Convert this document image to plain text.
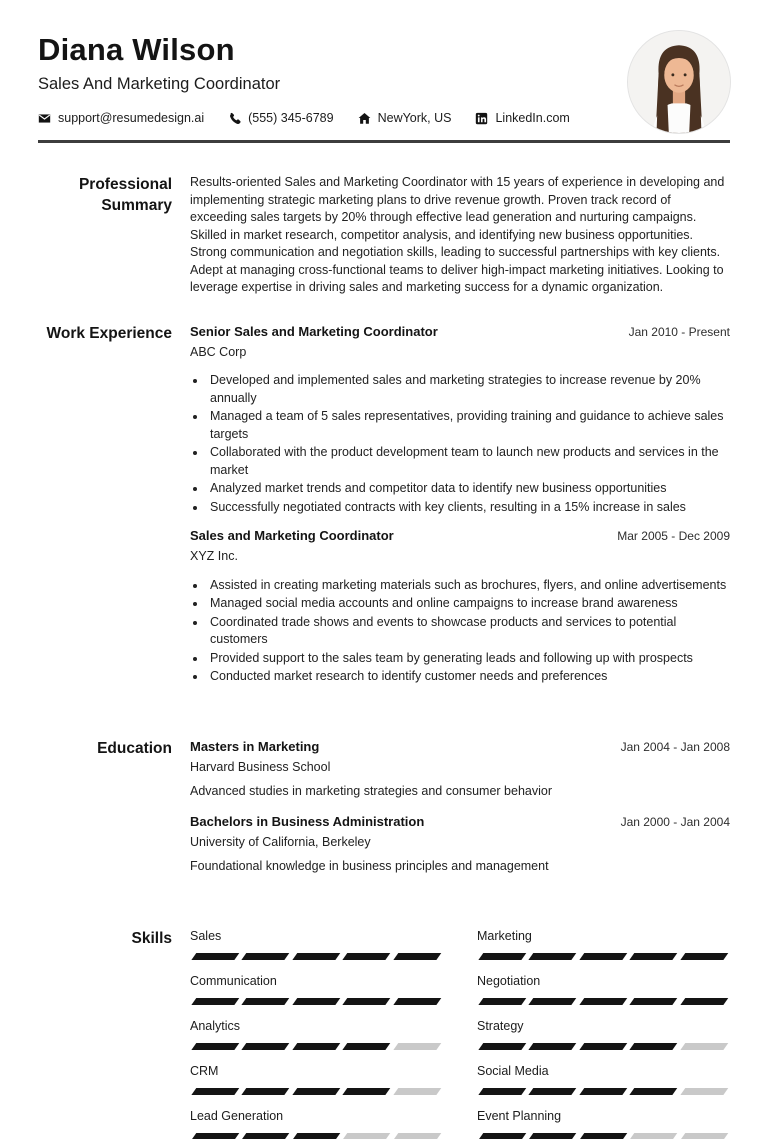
Diana Wilson
Sales And Marketing Coordinator
support@resumedesign.ai	(555) 345-6789	NewYork, US	LinkedIn.com
Professional Summary

Results-oriented Sales and Marketing Coordinator with 15 years of experience in developing and implementing strategic marketing plans to drive revenue growth. Proven track record of exceeding sales targets by 20% through effective lead generation and nurturing campaigns. Skilled in market research, competitor analysis, and identifying new business opportunities. Strong communication and negotiation skills, leading to successful partnerships with key clients. Adept at managing cross-functional teams to deliver high-impact marketing initiatives. Looking to leverage expertise in driving sales and marketing success for a dynamic organization.

Work Experience Senior Sales and Marketing Coordinator	Jan 2010 - Present
ABC Corp
• Developed and implemented sales and marketing strategies to increase revenue by 20% annually
• Managed a team of 5 sales representatives, providing training and guidance to achieve sales targets
• Collaborated with the product development team to launch new products and services in the market
• Analyzed market trends and competitor data to identify new business opportunities
• Successfully negotiated contracts with key clients, resulting in a 15% increase in sales
Sales and Marketing Coordinator	Mar 2005 - Dec 2009
XYZ Inc.
• Assisted in creating marketing materials such as brochures, flyers, and online advertisements
• Managed social media accounts and online campaigns to increase brand awareness
• Coordinated trade shows and events to showcase products and services to potential customers
• Provided support to the sales team by generating leads and following up with prospects
• Conducted market research to identify customer needs and preferences
Education Masters in Marketing	Jan 2004 - Jan 2008
Harvard Business School
Advanced studies in marketing strategies and consumer behavior
Bachelors in Business Administration	Jan 2000 - Jan 2004
University of California, Berkeley
Foundational knowledge in business principles and management
Skills Sales	Marketing
Communication	Negotiation
Analytics	Strategy
CRM	Social Media
Lead Generation	Event Planning
